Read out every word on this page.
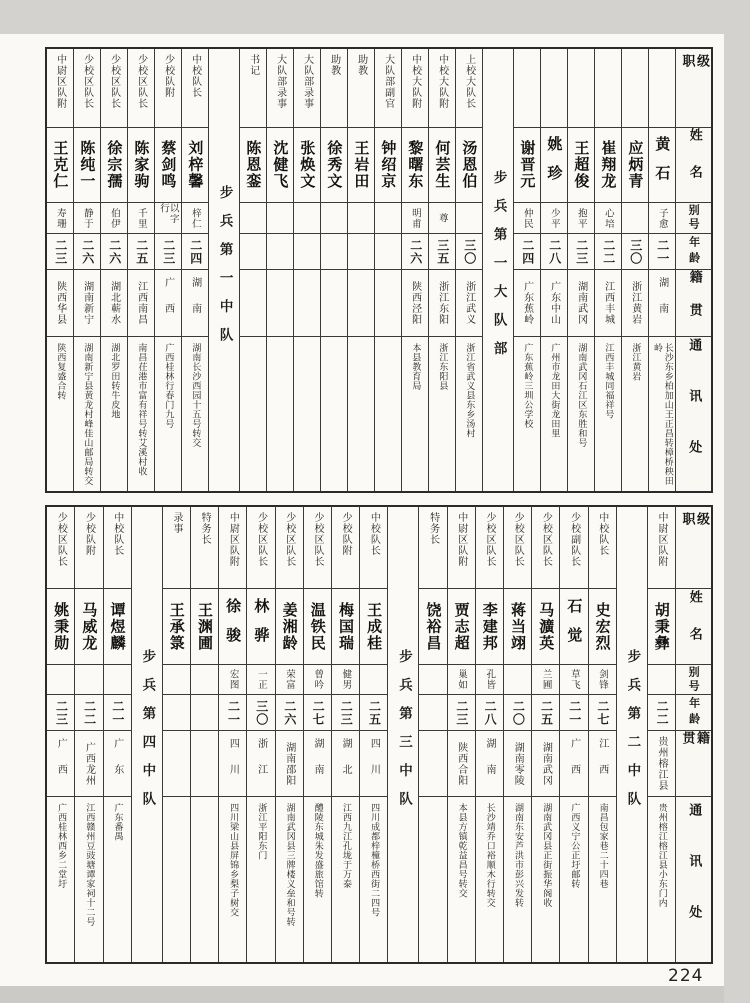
级职
姓名
别号
年龄
籍贯
通讯处
黄石
子愈
二一
湖南
长沙东乡柏加山王正昌转樟桥秧田岭
应炳青
三〇
浙江黄岩
浙江黄岩
崔翔龙
心培
二二
江西丰城
江西丰城同福祥号
王超俊
抱平
二三
湖南武冈
湖南武冈石江区东胜和号
姚珍
少平
二八
广东中山
广州市龙田大街龙田里
谢晋元
仲民
二四
广东蕉岭
广东蕉岭三圳公学校
步兵第一大队部
上校大队长
汤恩伯
三〇
浙江武义
浙江省武义县东乡汤村
中校大队附
何芸生
尊
三五
浙江东阳
浙江东阳县
中校大队附
黎曙东
明甫
二六
陕西泾阳
本县教育局
大队部副官
钟绍京
助教
王岩田
助教
徐秀文
大队部录事
张焕文
大队部录事
沈健飞
书记
陈恩銮
步兵第一中队
中校队长
刘梓馨
梓仁
二四
湖南
湖南长沙西园十五号转交
少校队附
蔡剑鸣
以字行
二三
广西
广西桂林行春门九号
少校区队长
陈家驹
千里
二五
江西南昌
南昌茌港市富有祥号转艾溪村收
少校区队长
徐宗孺
伯伊
二六
湖北蕲水
湖北罗田转牛皮地
少校区队长
陈纯一
静于
二六
湖南新宁
湖南新宁县黄龙村峰佳山邮局转交
中尉区队附
王克仁
寿珊
二三
陕西华县
陕西复盛合转
级职
姓名
别号
年龄
籍贯
通讯处
中尉区队附
胡秉彝
二二
贵州榕江县
贵州榕江榕江县小东门内
步兵第二中队
中校队长
史宏烈
剑锋
二七
江西
南昌包家巷二十四巷
少校副队长
石觉
草飞
二一
广西
广西义宁公正圩邮转
少校区队长
马瀇英
兰圃
二五
湖南武冈
湖南武冈县正街振华阁收
少校区队长
蒋当翊
二〇
湖南零陵
湖南东安芦洪市彭兴发转
少校区队长
李建邦
孔皆
二八
湖南
长沙靖乔口裕顺木行转交
中尉区队附
贾志超
巢如
二三
陕西合阳
本县方镇乾益昌号转交
特务长
饶裕昌
步兵第三中队
中校队长
王成桂
二五
四川
四川成都梓橦桥西街二四号
少校队附
梅国瑞
健男
二三
湖北
江西九江孔垅于万泰
少校区队长
温铁民
曾吟
二七
湖南
醴陵东城朱发盛旅馆转
少校区队长
姜湘龄
荣富
二六
湖南邵阳
湖南武冈县三牌楼义垒和号转
少校区队长
林骅
一正
三〇
浙江
浙江平阳东门
中尉区队附
徐骏
宏图
二一
四川
四川梁山县屏锦乡梨子树交
特务长
王渊圃
录事
王承箓
步兵第四中队
中校队长
谭煜麟
二一
广东
广东番禺
少校队附
马威龙
二二
广西龙州
江西赣州豆豉塘谭家祠十二号
少校区队长
姚秉勋
二三
广西
广西桂林西乡二堂圩
224
